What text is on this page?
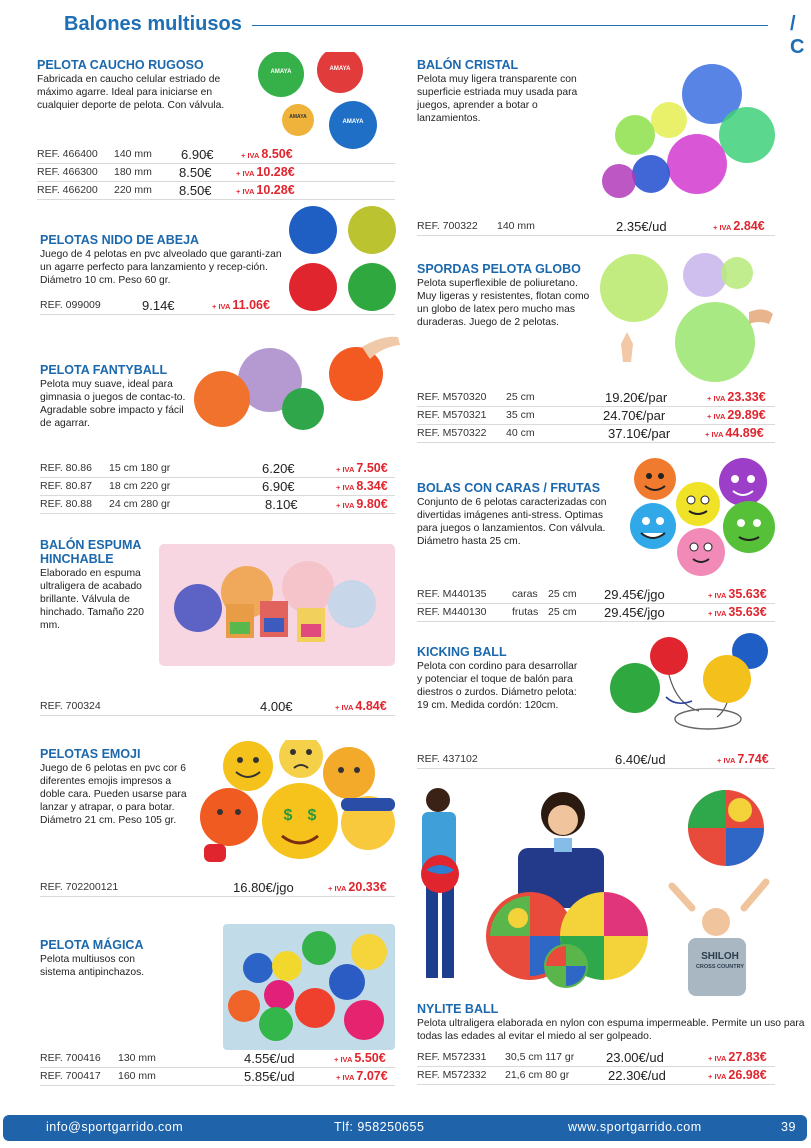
Balones multiusos	/ C

PELOTA CAUCHO RUGOSO

Fabricada en caucho celular estriado de máximo agarre. Ideal para iniciarse en cualquier deporte de pelota. Con válvula.

AMAYA	AMAYA
AMAYA
AMAYA
REF. 466400 140 mm 6.90€	+ IVA 8.50€
REF. 466300 180 mm 8.50€	+ IVA 10.28€
REF. 466200 220 mm 8.50€	+ IVA 10.28€

PELOTAS NIDO DE ABEJA

Juego de 4 pelotas en pvc alveolado que garanti-zan un agarre perfecto para lanzamiento y recep-ción. Diámetro 10 cm. Peso 60 gr.

REF. 099009	9.14€	+ IVA 11.06€

PELOTA FANTYBALL

Pelota muy suave, ideal para gimnasia o juegos de contac-to. Agradable sobre impacto y fácil de agarrar.

REF. 80.86 15 cm 180 gr	6.20€	+ IVA 7.50€
REF. 80.87 18 cm 220 gr	6.90€	+ IVA 8.34€
REF. 80.88 24 cm 280 gr	8.10€	+ IVA 9.80€

BALÓN ESPUMA HINCHABLE

Elaborado en espuma ultraligera de acabado brillante. Válvula de hinchado. Tamaño 220 mm.

REF. 700324	4.00€	+ IVA 4.84€

PELOTAS EMOJI

Juego de 6 pelotas en pvc cor 6 diferentes emojis impresos a doble cara. Pueden usarse para lanzar y atrapar, o para botar. Diámetro 21 cm. Peso 105 gr.	$ $
REF. 702200121	16.80€/jgo	+ IVA 20.33€

PELOTA MÁGICA

Pelota multiusos con sistema antipinchazos.

REF. 700416 130 mm	4.55€/ud	+ IVA 5.50€
REF. 700417 160 mm	5.85€/ud	+ IVA 7.07€

BALÓN CRISTAL

Pelota muy ligera transparente con superficie estriada muy usada para juegos, aprender a botar o lanzamientos.

REF. 700322 140 mm	2.35€/ud	+ IVA 2.84€

SPORDAS PELOTA GLOBO

Pelota superflexible de poliuretano. Muy ligeras y resistentes, flotan como un globo de latex pero mucho mas duraderas. Juego de 2 pelotas.

REF. M570320 25 cm	19.20€/par	+ IVA 23.33€
REF. M570321 35 cm	24.70€/par	+ IVA 29.89€
REF. M570322 40 cm	37.10€/par	+ IVA 44.89€

BOLAS CON CARAS / FRUTAS

Conjunto de 6 pelotas caracterizadas con divertidas imágenes anti-stress. Optimas para juegos o lanzamientos. Con válvula. Diámetro hasta 25 cm.

REF. M440135 caras 25 cm 29.45€/jgo	+ IVA 35.63€
REF. M440130 frutas 25 cm 29.45€/jgo	+ IVA 35.63€

KICKING BALL

Pelota con cordino para desarrollar y potenciar el toque de balón para diestros o zurdos. Diámetro pelota: 19 cm. Medida cordón: 120cm.

REF. 437102	6.40€/ud	+ IVA 7.74€
SHILOH
CROSS COUNTRY

NYLITE BALL

Pelota ultraligera elaborada en nylon con espuma impermeable. Permite un uso para todas las edades al evitar el miedo al ser golpeado.

REF. M572331 30,5 cm 117 gr 23.00€/ud	+ IVA 27.83€
REF. M572332 21,6 cm 80 gr	22.30€/ud	+ IVA 26.98€
info@sportgarrido.com	Tlf: 958250655	www.sportgarrido.com	39
